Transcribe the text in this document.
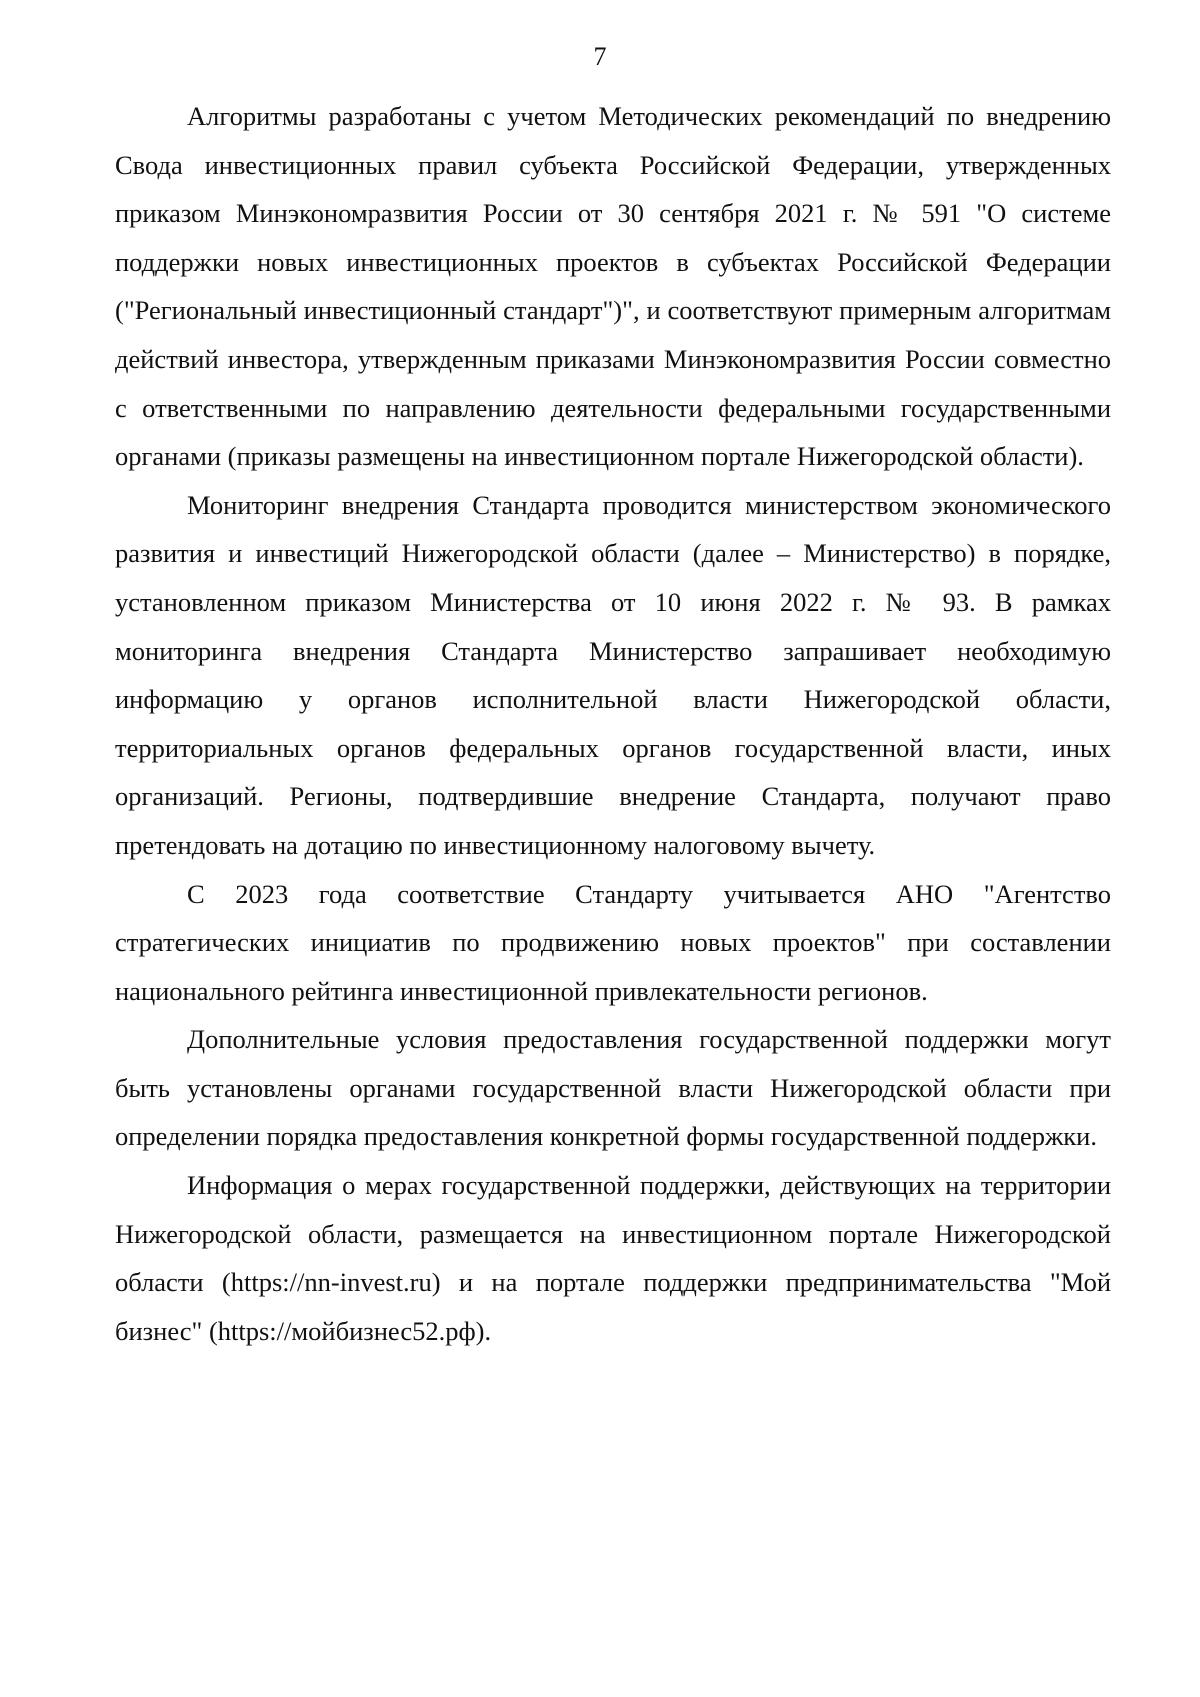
7

Алгоритмы разработаны с учетом Методических рекомендаций по внедрению Свода инвестиционных правил субъекта Российской Федерации, утвержденных приказом Минэкономразвития России от 30 сентября 2021 г. № 591 "О системе поддержки новых инвестиционных проектов в субъектах Российской Федерации ("Региональный инвестиционный стандарт")", и соответствуют примерным алгоритмам действий инвестора, утвержденным приказами Минэкономразвития России совместно с ответственными по направлению деятельности федеральными государственными органами (приказы размещены на инвестиционном портале Нижегородской области).

Мониторинг внедрения Стандарта проводится министерством экономического развития и инвестиций Нижегородской области (далее – Министерство) в порядке, установленном приказом Министерства от 10 июня 2022 г. № 93. В рамках мониторинга внедрения Стандарта Министерство запрашивает необходимую информацию у органов исполнительной власти Нижегородской области, территориальных органов федеральных органов государственной власти, иных организаций. Регионы, подтвердившие внедрение Стандарта, получают право претендовать на дотацию по инвестиционному налоговому вычету.

С 2023 года соответствие Стандарту учитывается АНО "Агентство стратегических инициатив по продвижению новых проектов" при составлении национального рейтинга инвестиционной привлекательности регионов.

Дополнительные условия предоставления государственной поддержки могут быть установлены органами государственной власти Нижегородской области при определении порядка предоставления конкретной формы государственной поддержки.

Информация о мерах государственной поддержки, действующих на территории Нижегородской области, размещается на инвестиционном портале Нижегородской области (https://nn-invest.ru) и на портале поддержки предпринимательства "Мой бизнес" (https://мойбизнес52.рф).
